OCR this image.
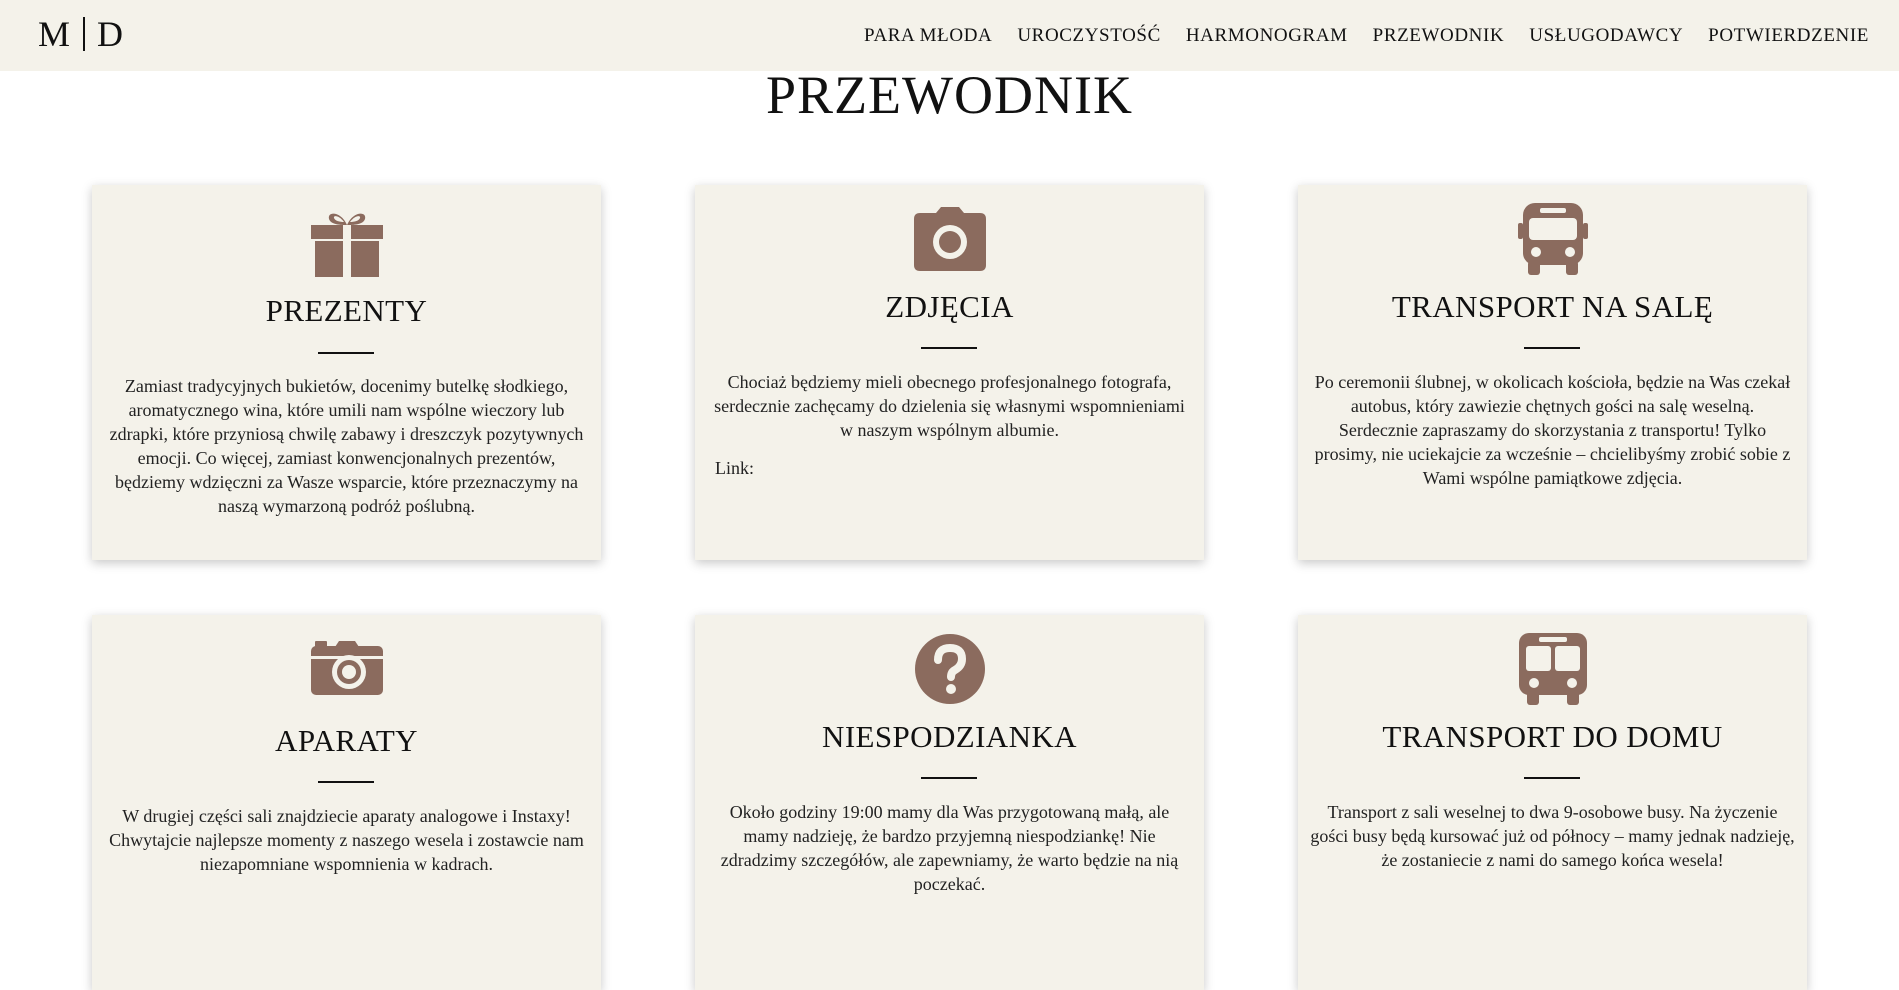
M D	PARA MŁODA UROCZYSTOŚĆ HARMONOGRAM PRZEWODNIK USŁUGODAWCY POTWIERDZENIE
PRZEWODNIK
PREZENTY

Zamiast tradycyjnych bukietów, docenimy butelkę słodkiego, aromatycznego wina, które umili nam wspólne wieczory lub zdrapki, które przyniosą chwilę zabawy i dreszczyk pozytywnych emocji. Co więcej, zamiast konwencjonalnych prezentów, będziemy wdzięczni za Wasze wsparcie, które przeznaczymy na naszą wymarzoną podróż poślubną.

ZDJĘCIA

Chociaż będziemy mieli obecnego profesjonalnego fotografa, serdecznie zachęcamy do dzielenia się własnymi wspomnieniami w naszym wspólnym albumie.

Link:

TRANSPORT NA SALĘ

Po ceremonii ślubnej, w okolicach kościoła, będzie na Was czekał autobus, który zawiezie chętnych gości na salę weselną. Serdecznie zapraszamy do skorzystania z transportu! Tylko prosimy, nie uciekajcie za wcześnie – chcielibyśmy zrobić sobie z Wami wspólne pamiątkowe zdjęcia.

APARATY

W drugiej części sali znajdziecie aparaty analogowe i Instaxy! Chwytajcie najlepsze momenty z naszego wesela i zostawcie nam niezapomniane wspomnienia w kadrach.

NIESPODZIANKA

Około godziny 19:00 mamy dla Was przygotowaną małą, ale mamy nadzieję, że bardzo przyjemną niespodziankę! Nie zdradzimy szczegółów, ale zapewniamy, że warto będzie na nią poczekać.

TRANSPORT DO DOMU

Transport z sali weselnej to dwa 9-osobowe busy. Na życzenie gości busy będą kursować już od północy – mamy jednak nadzieję, że zostaniecie z nami do samego końca wesela!
